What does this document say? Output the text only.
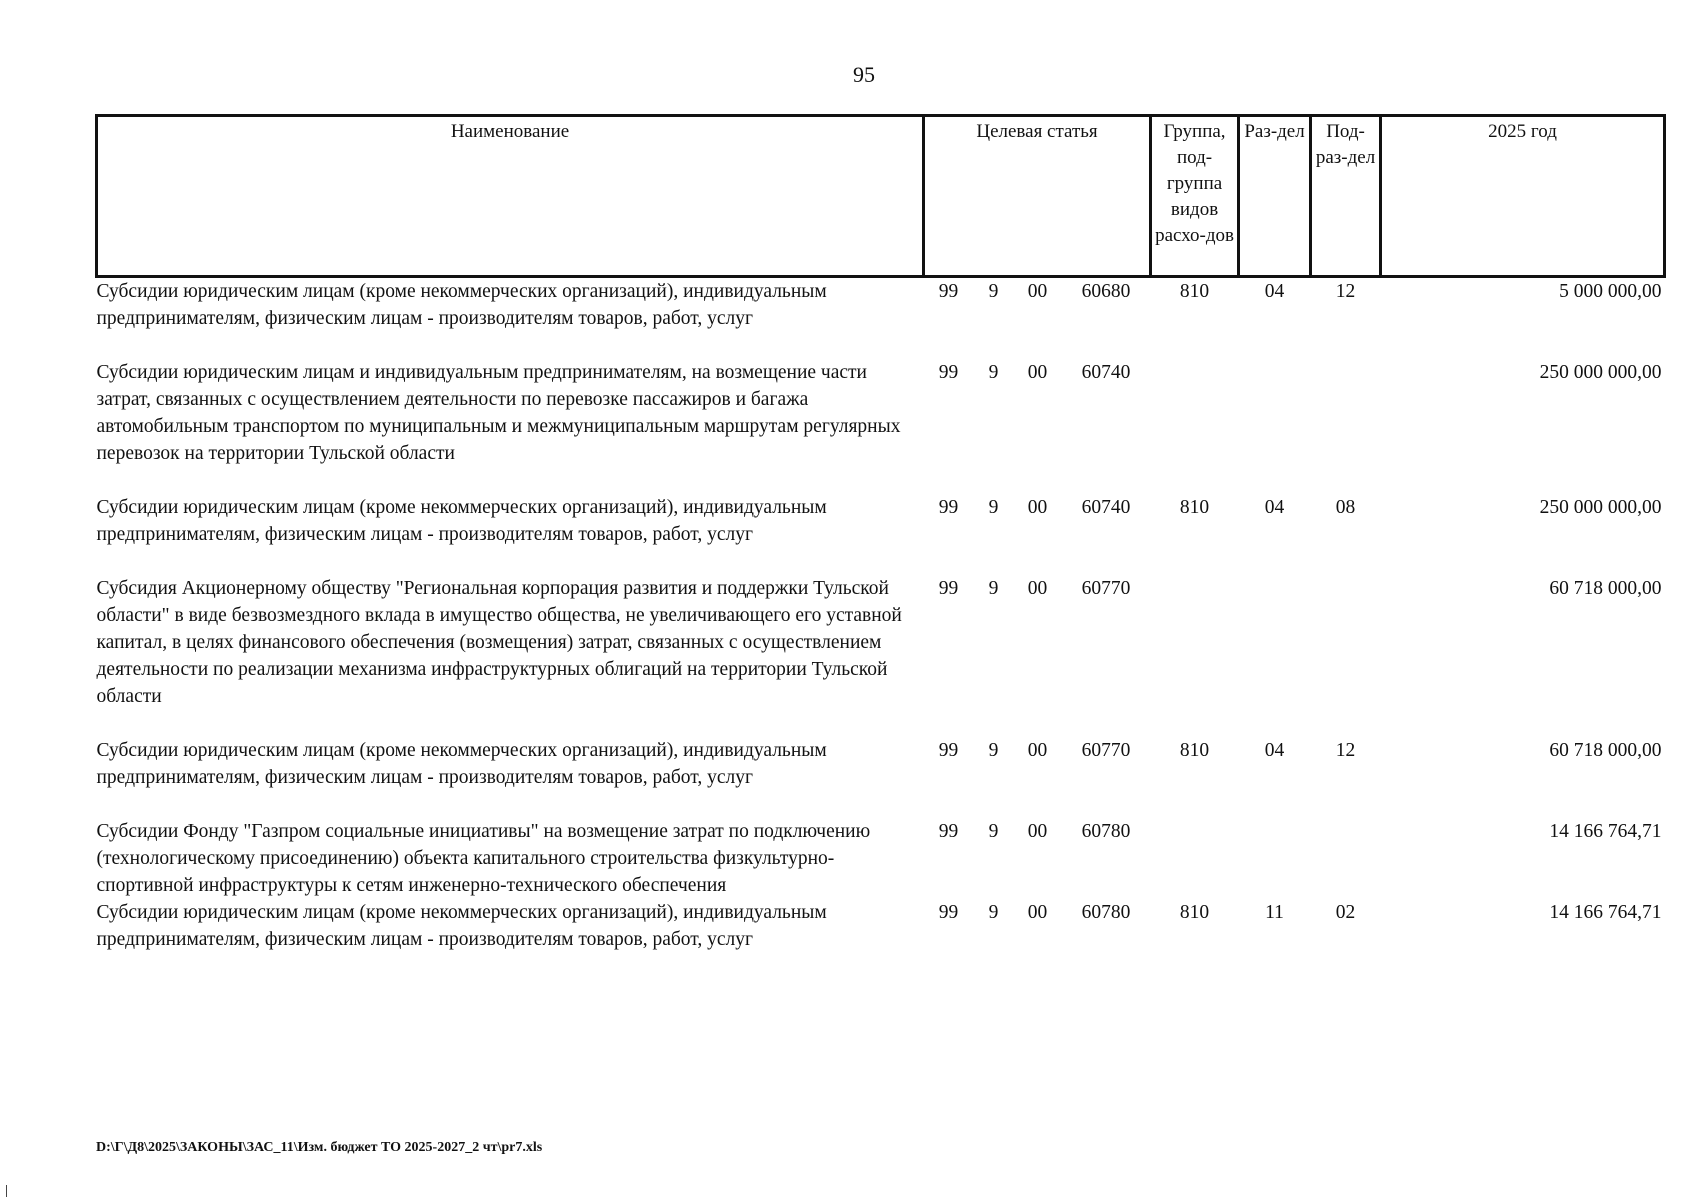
95
Наименование	Целевая статья				Группа, под-группа видов расхо-дов	Раз-дел	Под-раз-дел	2025 год
Субсидии юридическим лицам (кроме некоммерческих организаций), индивидуальным предпринимателям, физическим лицам - производителям товаров, работ, услуг	99	9	00	60680	810	04	12	5 000 000,00
Субсидии юридическим лицам и индивидуальным предпринимателям, на возмещение части затрат, связанных с осуществлением деятельности по перевозке пассажиров и багажа автомобильным транспортом по муниципальным и межмуниципальным маршрутам регулярных перевозок на территории Тульской области	99	9	00	60740				250 000 000,00
Субсидии юридическим лицам (кроме некоммерческих организаций), индивидуальным предпринимателям, физическим лицам - производителям товаров, работ, услуг	99	9	00	60740	810	04	08	250 000 000,00
Субсидия Акционерному обществу "Региональная корпорация развития и поддержки Тульской области" в виде безвозмездного вклада в имущество общества, не увеличивающего его уставной капитал, в целях финансового обеспечения (возмещения) затрат, связанных с осуществлением деятельности по реализации механизма инфраструктурных облигаций на территории Тульской области	99	9	00	60770				60 718 000,00
Субсидии юридическим лицам (кроме некоммерческих организаций), индивидуальным предпринимателям, физическим лицам - производителям товаров, работ, услуг	99	9	00	60770	810	04	12	60 718 000,00
Субсидии Фонду "Газпром социальные инициативы" на возмещение затрат по подключению (технологическому присоединению) объекта капитального строительства физкультурно-спортивной инфраструктуры к сетям инженерно-технического обеспечения	99	9	00	60780				14 166 764,71
Субсидии юридическим лицам (кроме некоммерческих организаций), индивидуальным предпринимателям, физическим лицам - производителям товаров, работ, услуг	99	9	00	60780	810	11	02	14 166 764,71
D:\Г\Д8\2025\ЗАКОНЫ\ЗАС_11\Изм. бюджет ТО 2025-2027_2 чт\pr7.xls
